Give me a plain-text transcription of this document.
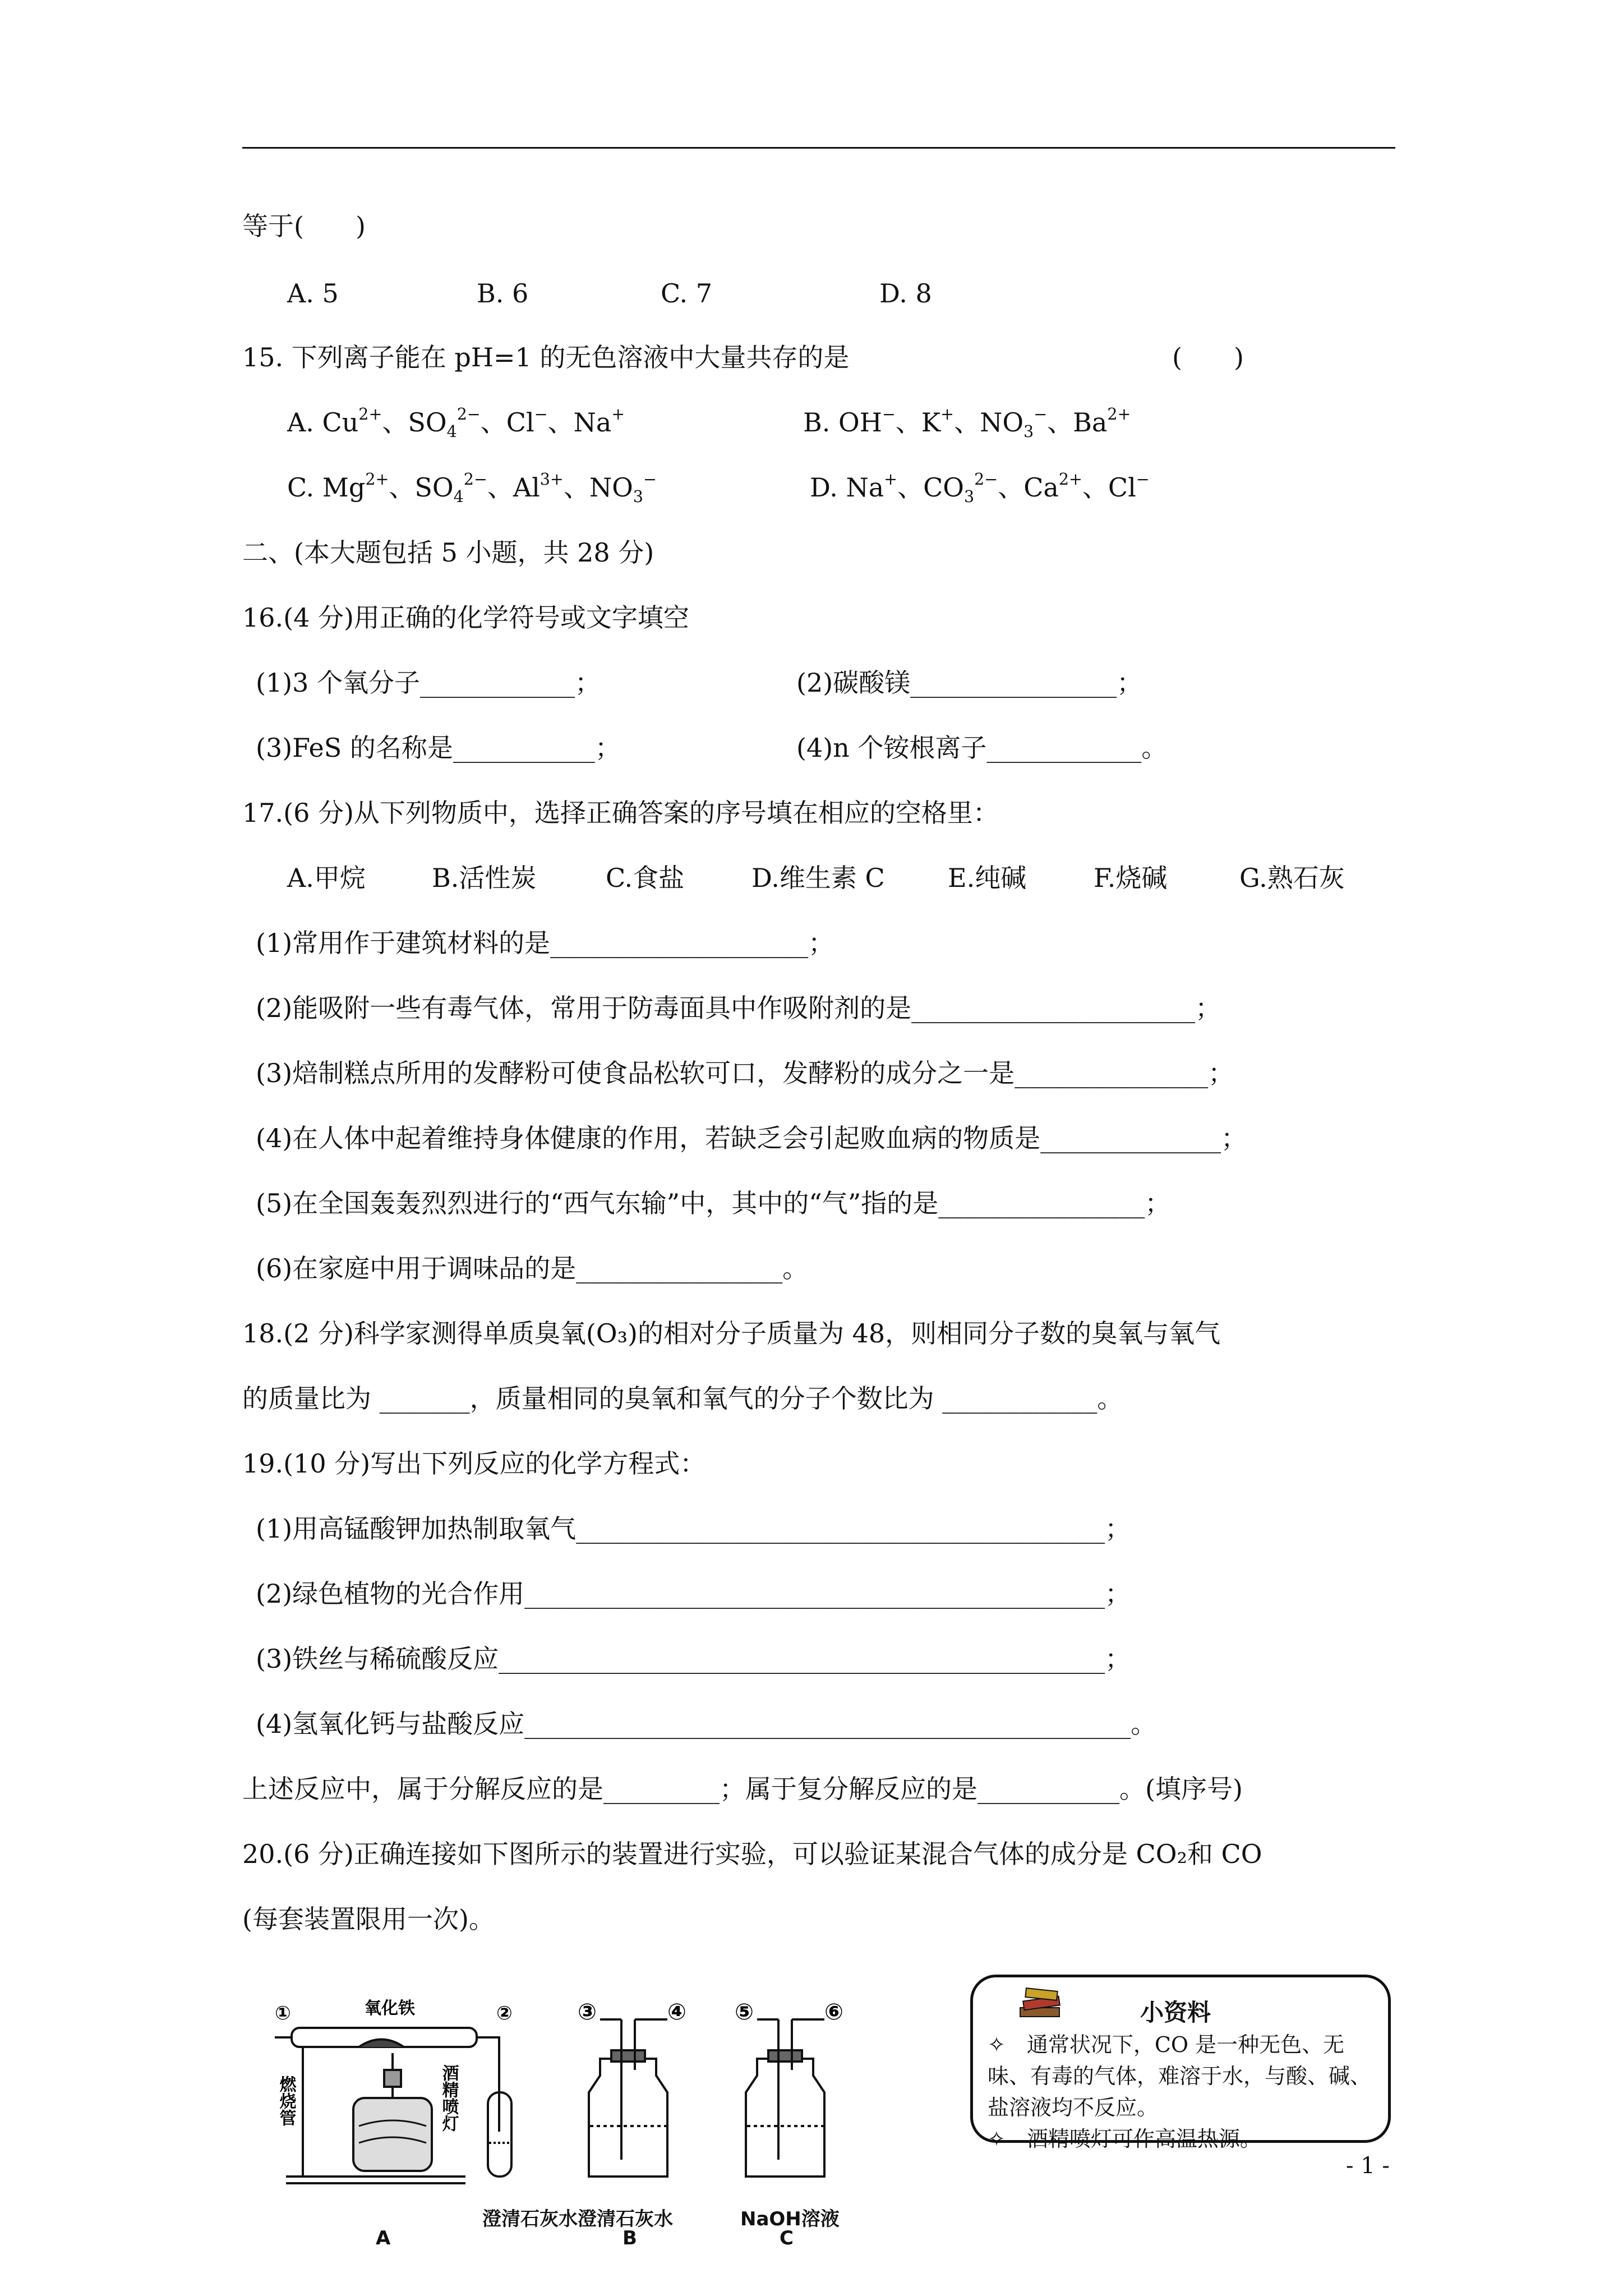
等于(　　)
A. 5	B. 6	C. 7	D. 8
15. 下列离子能在 pH=1 的无色溶液中大量共存的是	(　　)
A. $Cu^{2+}$、$SO_4^{2-}$、Cl−、Na+	B. OH−、K+、$NO_3^-$、$Ba^{2+}$
C. $Mg^{2+}$、$SO_4^{2-}$、$Al^{3+}$、$NO_3^-$	D. Na+、$CO_3^{2-}$、$Ca^{2+}$、Cl−
二、(本大题包括 5 小题，共 28 分)
16.(4 分)用正确的化学符号或文字填空
(1)3 个氧分子____________；	(2)碳酸镁________________；
(3)FeS 的名称是___________；	(4)n 个铵根离子____________。
17.(6 分)从下列物质中，选择正确答案的序号填在相应的空格里：
A.甲烷	B.活性炭	C.食盐	D.维生素 C E.纯碱	F.烧碱	G.熟石灰
(1)常用作于建筑材料的是____________________；
(2)能吸附一些有毒气体，常用于防毒面具中作吸附剂的是______________________；
(3)焙制糕点所用的发酵粉可使食品松软可口，发酵粉的成分之一是_______________；
(4)在人体中起着维持身体健康的作用，若缺乏会引起败血病的物质是______________；
(5)在全国轰轰烈烈进行的“西气东输”中，其中的“气”指的是________________；
(6)在家庭中用于调味品的是________________。
18.(2 分)科学家测得单质臭氧(O₃)的相对分子质量为 48，则相同分子数的臭氧与氧气
的质量比为 _______，质量相同的臭氧和氧气的分子个数比为 ____________。
19.(10 分)写出下列反应的化学方程式：
(1)用高锰酸钾加热制取氧气_________________________________________；
(2)绿色植物的光合作用_____________________________________________；
(3)铁丝与稀硫酸反应_______________________________________________；
(4)氢氧化钙与盐酸反应_______________________________________________。
上述反应中，属于分解反应的是_________；属于复分解反应的是___________。(填序号)
20.(6 分)正确连接如下图所示的装置进行实验，可以验证某混合气体的成分是 CO₂和 CO
(每套装置限用一次)。
①	②
氧化铁
燃烧管	酒精喷灯
③	④ ⑤	⑥
澄清石灰水
A
澄清石灰水
B
NaOH溶液
C
小资料
✧　通常状况下，CO 是一种无色、无味、有毒的气体，难溶于水，与酸、碱、盐溶液均不反应。
✧　酒精喷灯可作高温热源。
- 1 -
